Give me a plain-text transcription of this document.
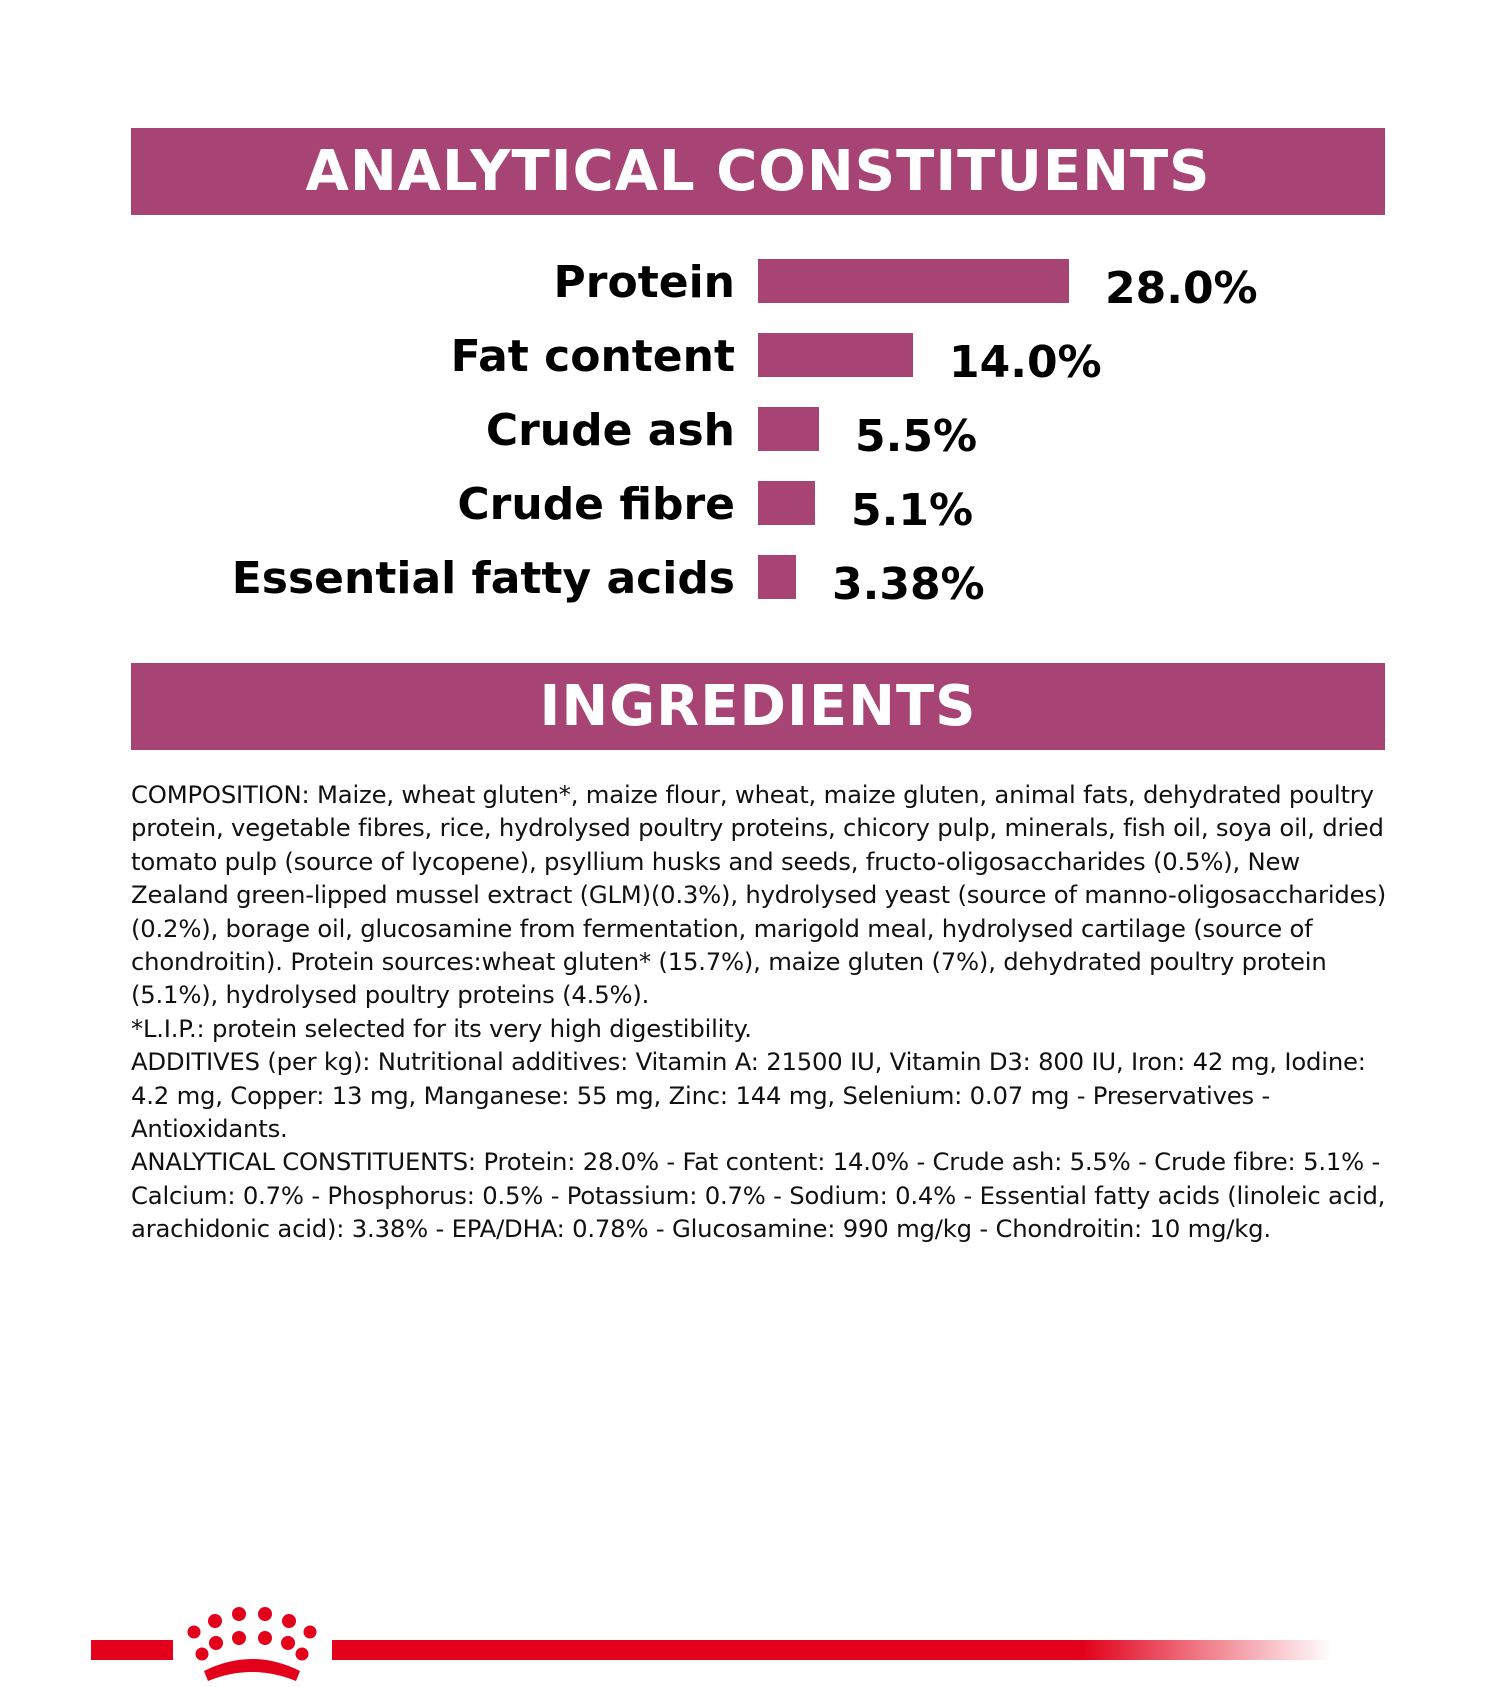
ANALYTICAL CONSTITUENTS
Protein	28.0%
Fat content	14.0%
Crude ash	5.5%
Crude fibre	5.1%
Essential fatty acids 3.38%
INGREDIENTS

COMPOSITION: Maize, wheat gluten*, maize flour, wheat, maize gluten, animal fats, dehydrated poultry protein, vegetable fibres, rice, hydrolysed poultry proteins, chicory pulp, minerals, fish oil, soya oil, dried tomato pulp (source of lycopene), psyllium husks and seeds, fructo-oligosaccharides (0.5%), New Zealand green-lipped mussel extract (GLM)(0.3%), hydrolysed yeast (source of manno-oligosaccharides) (0.2%), borage oil, glucosamine from fermentation, marigold meal, hydrolysed cartilage (source of chondroitin). Protein sources:wheat gluten* (15.7%), maize gluten (7%), dehydrated poultry protein (5.1%), hydrolysed poultry proteins (4.5%).

*L.I.P.: protein selected for its very high digestibility.

ADDITIVES (per kg): Nutritional additives: Vitamin A: 21500 IU, Vitamin D3: 800 IU, Iron: 42 mg, Iodine: 4.2 mg, Copper: 13 mg, Manganese: 55 mg, Zinc: 144 mg, Selenium: 0.07 mg - Preservatives - Antioxidants.

ANALYTICAL CONSTITUENTS: Protein: 28.0% - Fat content: 14.0% - Crude ash: 5.5% - Crude fibre: 5.1% - Calcium: 0.7% - Phosphorus: 0.5% - Potassium: 0.7% - Sodium: 0.4% - Essential fatty acids (linoleic acid, arachidonic acid): 3.38% - EPA/DHA: 0.78% - Glucosamine: 990 mg/kg - Chondroitin: 10 mg/kg.
